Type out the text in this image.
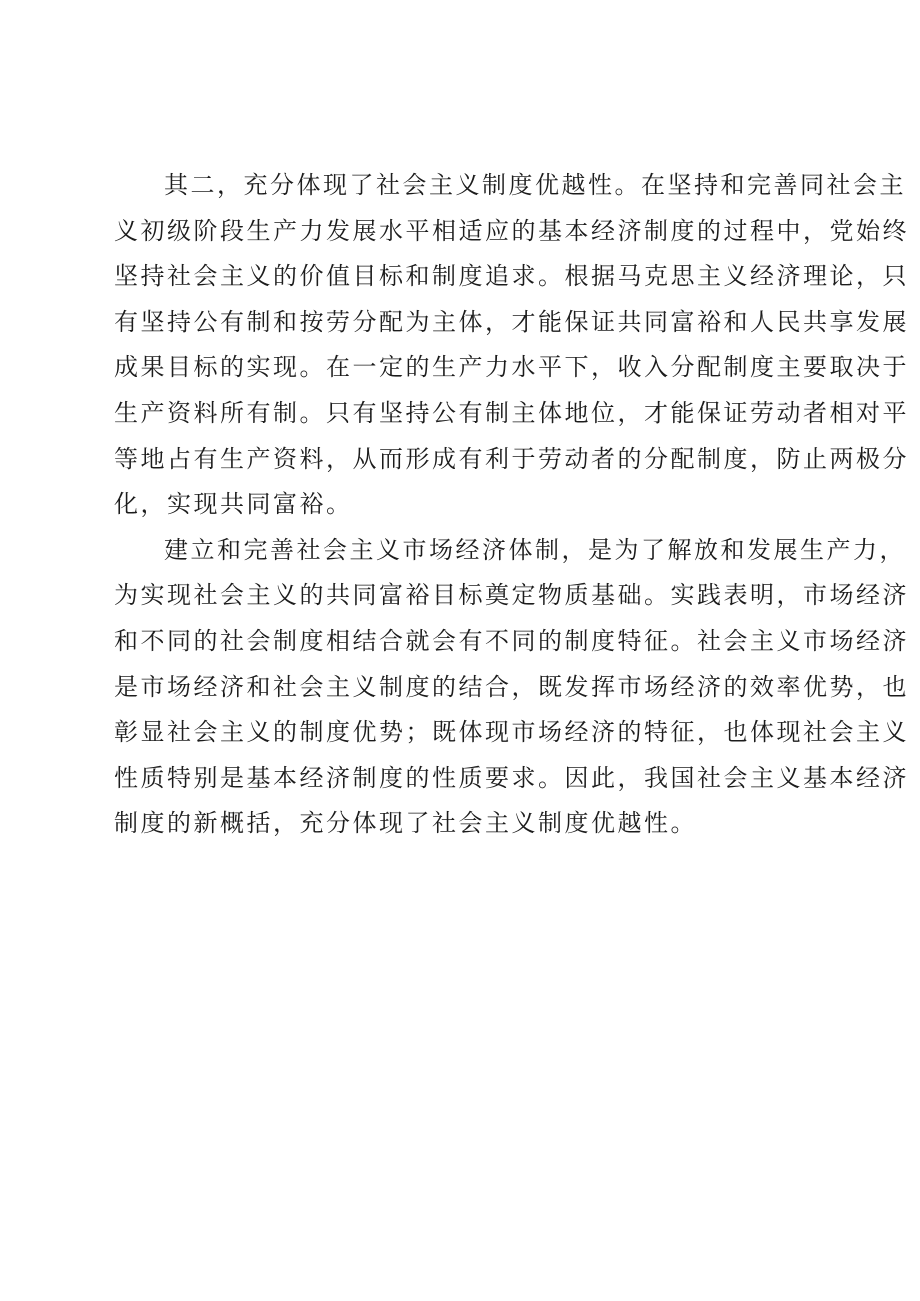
其二，充分体现了社会主义制度优越性。在坚持和完善同社会主
义初级阶段生产力发展水平相适应的基本经济制度的过程中，党始终
坚持社会主义的价值目标和制度追求。根据马克思主义经济理论，只
有坚持公有制和按劳分配为主体，才能保证共同富裕和人民共享发展
成果目标的实现。在一定的生产力水平下，收入分配制度主要取决于
生产资料所有制。只有坚持公有制主体地位，才能保证劳动者相对平
等地占有生产资料，从而形成有利于劳动者的分配制度，防止两极分
化，实现共同富裕。
建立和完善社会主义市场经济体制，是为了解放和发展生产力，
为实现社会主义的共同富裕目标奠定物质基础。实践表明，市场经济
和不同的社会制度相结合就会有不同的制度特征。社会主义市场经济
是市场经济和社会主义制度的结合，既发挥市场经济的效率优势，也
彰显社会主义的制度优势；既体现市场经济的特征，也体现社会主义
性质特别是基本经济制度的性质要求。因此，我国社会主义基本经济
制度的新概括，充分体现了社会主义制度优越性。
